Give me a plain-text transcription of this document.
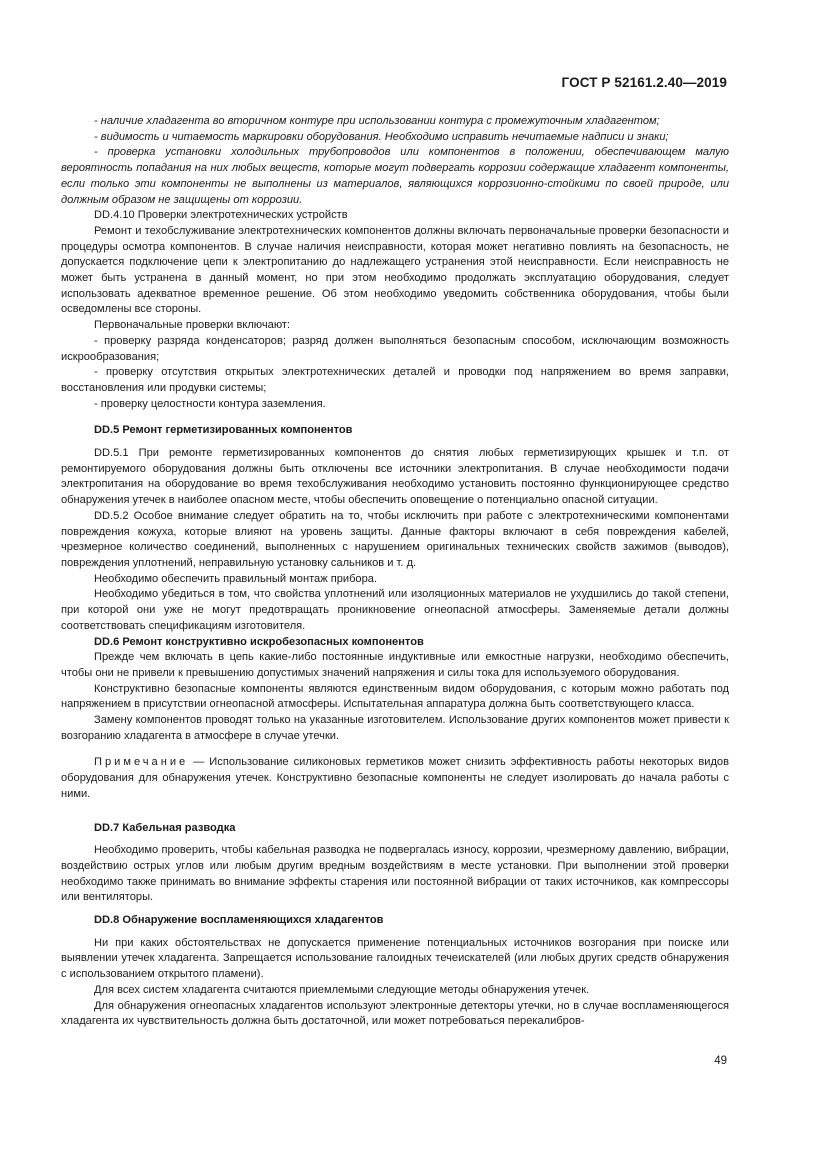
ГОСТ Р 52161.2.40—2019

- наличие хладагента во вторичном контуре при использовании контура с промежуточным хладагентом;

- видимость и читаемость маркировки оборудования. Необходимо исправить нечитаемые надписи и знаки;

- проверка установки холодильных трубопроводов или компонентов в положении, обеспечивающем малую вероятность попадания на них любых веществ, которые могут подвергать коррозии содержащие хладагент компоненты, если только эти компоненты не выполнены из материалов, являющихся коррозионно-стойкими по своей природе, или должным образом не защищены от коррозии.

DD.4.10 Проверки электротехнических устройств

Ремонт и техобслуживание электротехнических компонентов должны включать первоначальные проверки безопасности и процедуры осмотра компонентов. В случае наличия неисправности, которая может негативно повлиять на безопасность, не допускается подключение цепи к электропитанию до надлежащего устранения этой неисправности. Если неисправность не может быть устранена в данный момент, но при этом необходимо продолжать эксплуатацию оборудования, следует использовать адекватное временное решение. Об этом необходимо уведомить собственника оборудования, чтобы были осведомлены все стороны.

Первоначальные проверки включают:

- проверку разряда конденсаторов; разряд должен выполняться безопасным способом, исключающим возможность искрообразования;

- проверку отсутствия открытых электротехнических деталей и проводки под напряжением во время заправки, восстановления или продувки системы;

- проверку целостности контура заземления.

DD.5 Ремонт герметизированных компонентов

DD.5.1 При ремонте герметизированных компонентов до снятия любых герметизирующих крышек и т.п. от ремонтируемого оборудования должны быть отключены все источники электропитания. В случае необходимости подачи электропитания на оборудование во время техобслуживания необходимо установить постоянно функционирующее средство обнаружения утечек в наиболее опасном месте, чтобы обеспечить оповещение о потенциально опасной ситуации.

DD.5.2 Особое внимание следует обратить на то, чтобы исключить при работе с электротехническими компонентами повреждения кожуха, которые влияют на уровень защиты. Данные факторы включают в себя повреждения кабелей, чрезмерное количество соединений, выполненных с нарушением оригинальных технических свойств зажимов (выводов), повреждения уплотнений, неправильную установку сальников и т. д.

Необходимо обеспечить правильный монтаж прибора.

Необходимо убедиться в том, что свойства уплотнений или изоляционных материалов не ухудшились до такой степени, при которой они уже не могут предотвращать проникновение огнеопасной атмосферы. Заменяемые детали должны соответствовать спецификациям изготовителя.

DD.6 Ремонт конструктивно искробезопасных компонентов

Прежде чем включать в цепь какие-либо постоянные индуктивные или емкостные нагрузки, необходимо обеспечить, чтобы они не привели к превышению допустимых значений напряжения и силы тока для используемого оборудования.

Конструктивно безопасные компоненты являются единственным видом оборудования, с которым можно работать под напряжением в присутствии огнеопасной атмосферы. Испытательная аппаратура должна быть соответствующего класса.

Замену компонентов проводят только на указанные изготовителем. Использование других компонентов может привести к возгоранию хладагента в атмосфере в случае утечки.

Примечание — Использование силиконовых герметиков может снизить эффективность работы некоторых видов оборудования для обнаружения утечек. Конструктивно безопасные компоненты не следует изолировать до начала работы с ними.

DD.7 Кабельная разводка

Необходимо проверить, чтобы кабельная разводка не подвергалась износу, коррозии, чрезмерному давлению, вибрации, воздействию острых углов или любым другим вредным воздействиям в месте установки. При выполнении этой проверки необходимо также принимать во внимание эффекты старения или постоянной вибрации от таких источников, как компрессоры или вентиляторы.

DD.8 Обнаружение воспламеняющихся хладагентов

Ни при каких обстоятельствах не допускается применение потенциальных источников возгорания при поиске или выявлении утечек хладагента. Запрещается использование галоидных течеискателей (или любых других средств обнаружения с использованием открытого пламени).

Для всех систем хладагента считаются приемлемыми следующие методы обнаружения утечек.

Для обнаружения огнеопасных хладагентов используют электронные детекторы утечки, но в случае воспламеняющегося хладагента их чувствительность должна быть достаточной, или может потребоваться перекалибров-

49
